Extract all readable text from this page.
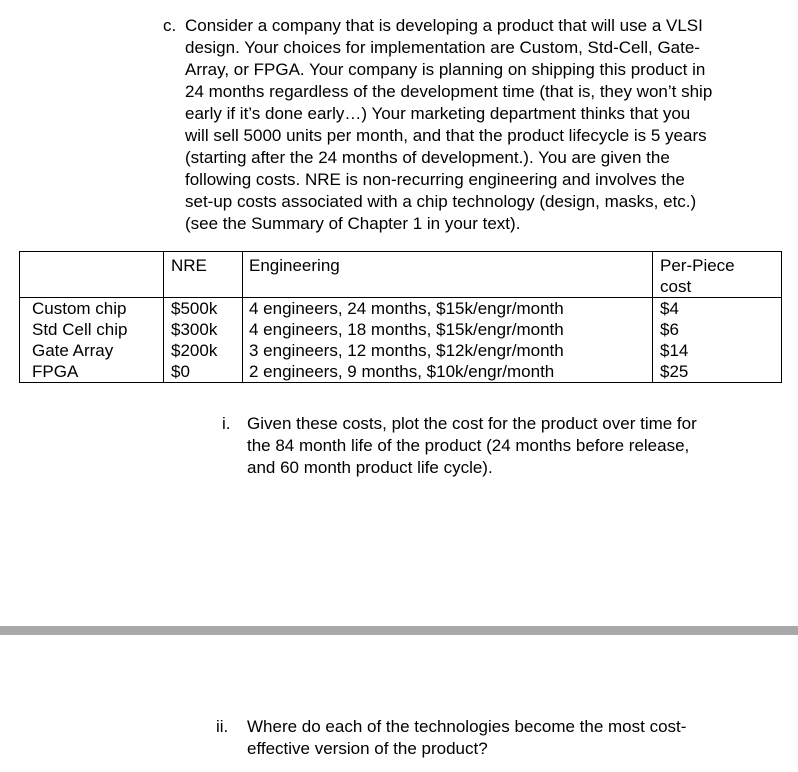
c. Consider a company that is developing a product that will use a VLSI
design. Your choices for implementation are Custom, Std-Cell, Gate-
Array, or FPGA. Your company is planning on shipping this product in
24 months regardless of the development time (that is, they won’t ship
early if it’s done early…) Your marketing department thinks that you
will sell 5000 units per month, and that the product lifecycle is 5 years
(starting after the 24 months of development.). You are given the
following costs. NRE is non-recurring engineering and involves the
set-up costs associated with a chip technology (design, masks, etc.)
(see the Summary of Chapter 1 in your text).

	NRE	Engineering	Per-Piece
cost
Custom chip	$500k	4 engineers, 24 months, $15k/engr/month	$4
Std Cell chip	$300k	4 engineers, 18 months, $15k/engr/month	$6
Gate Array	$200k	3 engineers, 12 months, $12k/engr/month	$14
FPGA	$0	2 engineers, 9 months, $10k/engr/month	$25
i. Given these costs, plot the cost for the product over time for
the 84 month life of the product (24 months before release,
and 60 month product life cycle).

ii. Where do each of the technologies become the most cost-
effective version of the product?
